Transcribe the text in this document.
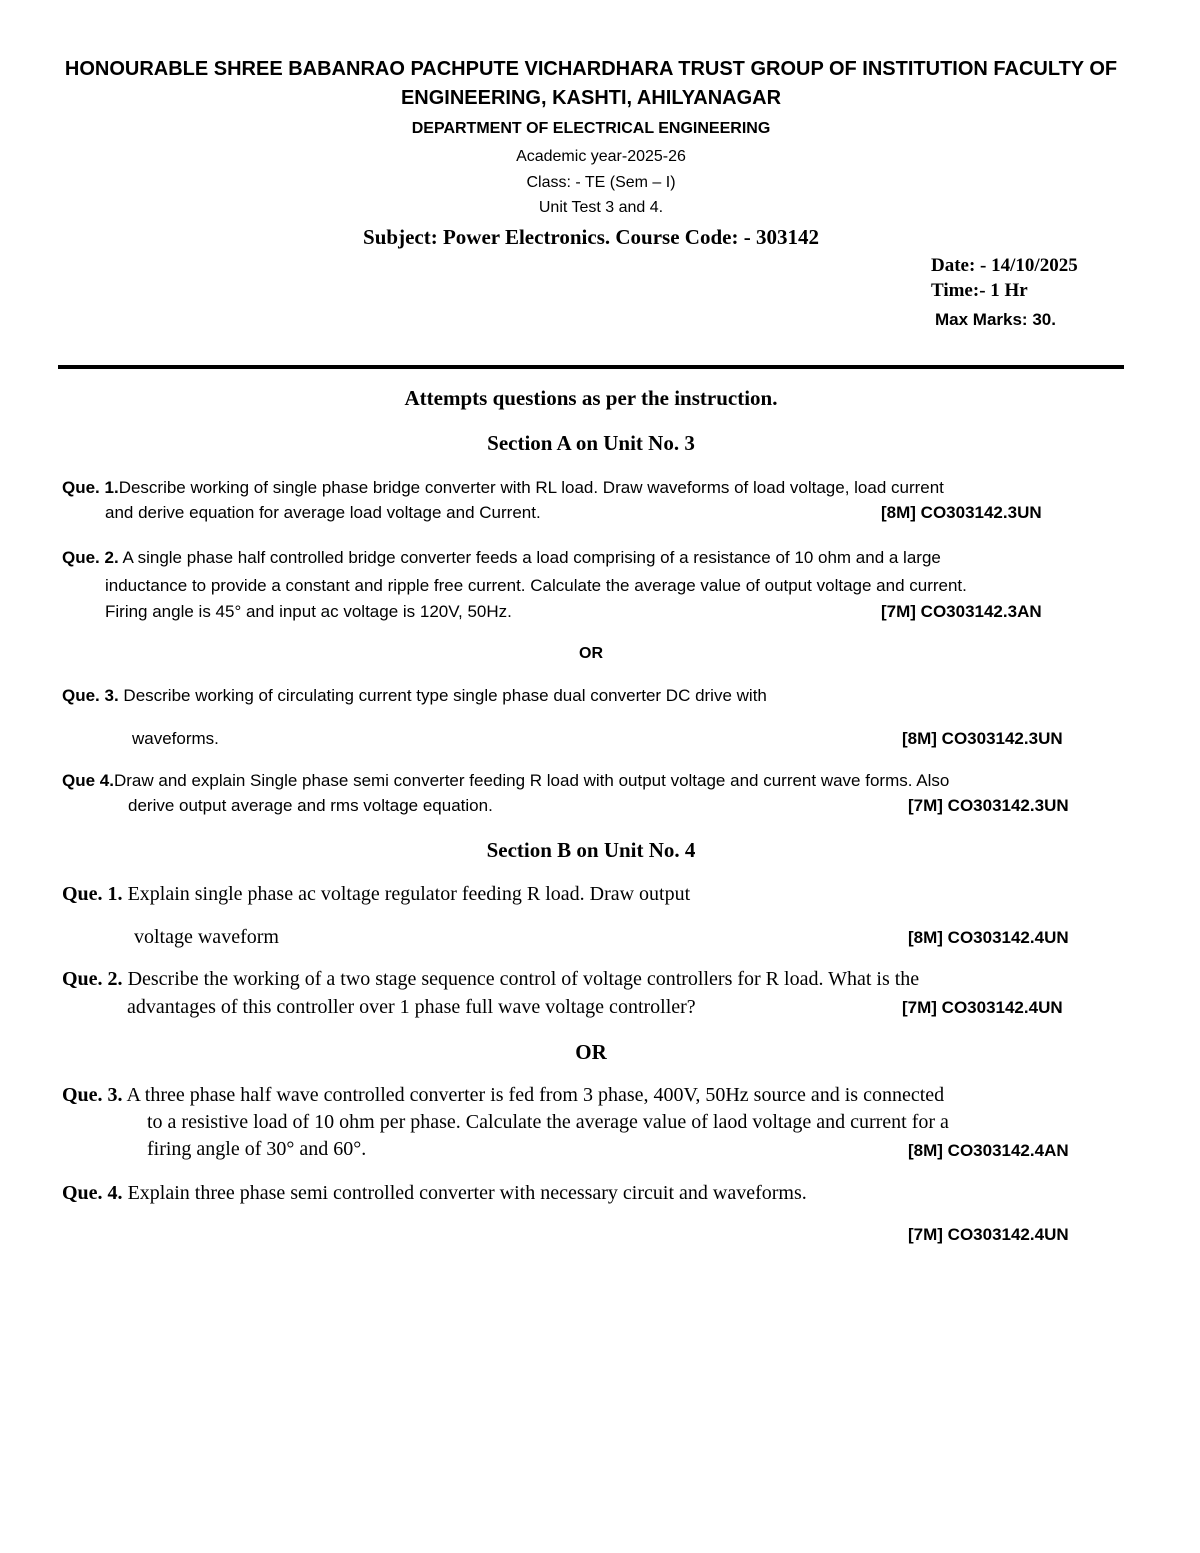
HONOURABLE SHREE BABANRAO PACHPUTE VICHARDHARA TRUST GROUP OF INSTITUTION FACULTY OF
ENGINEERING, KASHTI, AHILYANAGAR
DEPARTMENT OF ELECTRICAL ENGINEERING
Academic year-2025-26
Class: - TE (Sem – I)
Unit Test 3 and 4.
Subject: Power Electronics. Course Code: - 303142
Date: - 14/10/2025
Time:- 1 Hr
Max Marks: 30.
Attempts questions as per the instruction.
Section A on Unit No. 3
Que. 1.Describe working of single phase bridge converter with RL load. Draw waveforms of load voltage, load current
and derive equation for average load voltage and Current.	[8M] CO303142.3UN
Que. 2. A single phase half controlled bridge converter feeds a load comprising of a resistance of 10 ohm and a large
inductance to provide a constant and ripple free current. Calculate the average value of output voltage and current.
Firing angle is 45° and input ac voltage is 120V, 50Hz.	[7M] CO303142.3AN
OR
Que. 3. Describe working of circulating current type single phase dual converter DC drive with
waveforms.	[8M] CO303142.3UN
Que 4.Draw and explain Single phase semi converter feeding R load with output voltage and current wave forms. Also
derive output average and rms voltage equation.	[7M] CO303142.3UN
Section B on Unit No. 4
Que. 1. Explain single phase ac voltage regulator feeding R load. Draw output
voltage waveform	[8M] CO303142.4UN
Que. 2. Describe the working of a two stage sequence control of voltage controllers for R load. What is the
advantages of this controller over 1 phase full wave voltage controller?	[7M] CO303142.4UN
OR
Que. 3. A three phase half wave controlled converter is fed from 3 phase, 400V, 50Hz source and is connected
to a resistive load of 10 ohm per phase. Calculate the average value of laod voltage and current for a
firing angle of 30° and 60°.	[8M] CO303142.4AN
Que. 4. Explain three phase semi controlled converter with necessary circuit and waveforms.
[7M] CO303142.4UN
